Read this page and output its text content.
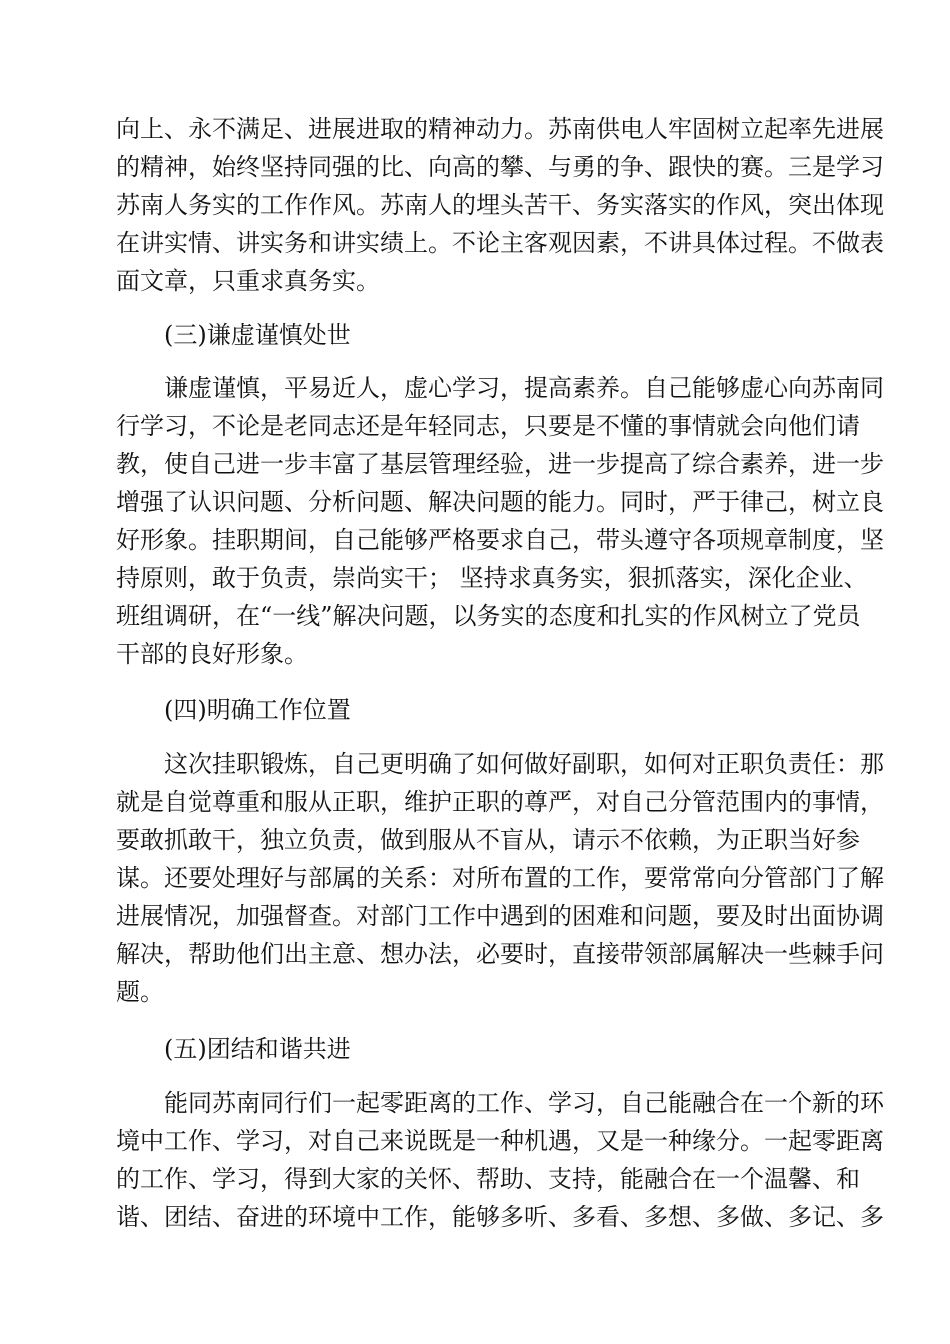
向上、永不满足、进展进取的精神动力。苏南供电人牢固树立起率先进展
的精神，始终坚持同强的比、向高的攀、与勇的争、跟快的赛。三是学习
苏南人务实的工作作风。苏南人的埋头苦干、务实落实的作风，突出体现
在讲实情、讲实务和讲实绩上。不论主客观因素，不讲具体过程。不做表
面文章，只重求真务实。
(三)谦虚谨慎处世
谦虚谨慎，平易近人，虚心学习，提高素养。自己能够虚心向苏南同
行学习，不论是老同志还是年轻同志，只要是不懂的事情就会向他们请
教，使自己进一步丰富了基层管理经验，进一步提高了综合素养，进一步
增强了认识问题、分析问题、解决问题的能力。同时，严于律己，树立良
好形象。挂职期间，自己能够严格要求自己，带头遵守各项规章制度，坚
持原则，敢于负责，崇尚实干； 坚持求真务实，狠抓落实，深化企业、
班组调研，在“一线”解决问题，以务实的态度和扎实的作风树立了党员
干部的良好形象。
(四)明确工作位置
这次挂职锻炼，自己更明确了如何做好副职，如何对正职负责任：那
就是自觉尊重和服从正职，维护正职的尊严，对自己分管范围内的事情，
要敢抓敢干，独立负责，做到服从不盲从，请示不依赖，为正职当好参
谋。还要处理好与部属的关系：对所布置的工作，要常常向分管部门了解
进展情况，加强督查。对部门工作中遇到的困难和问题，要及时出面协调
解决，帮助他们出主意、想办法，必要时，直接带领部属解决一些棘手问
题。
(五)团结和谐共进
能同苏南同行们一起零距离的工作、学习，自己能融合在一个新的环
境中工作、学习，对自己来说既是一种机遇，又是一种缘分。一起零距离
的工作、学习，得到大家的关怀、帮助、支持，能融合在一个温馨、和
谐、团结、奋进的环境中工作，能够多听、多看、多想、多做、多记、多
